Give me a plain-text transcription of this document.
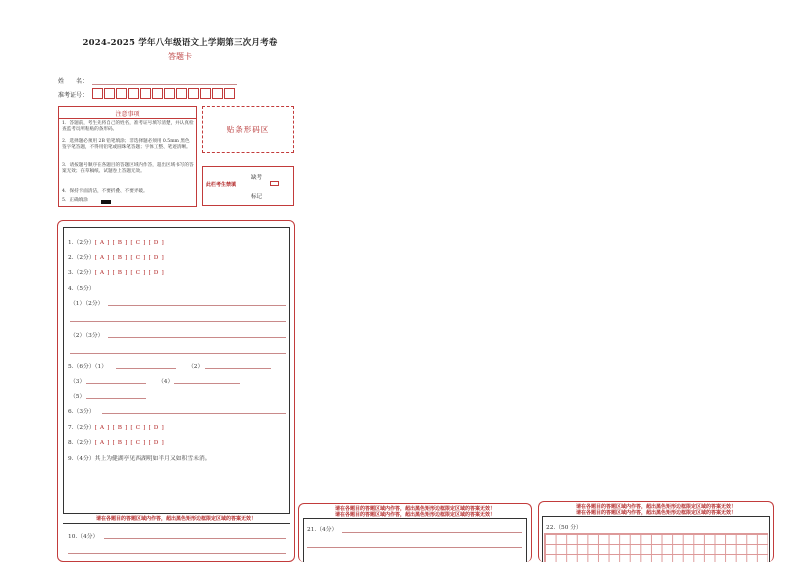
2024-2025 学年八年级语文上学期第三次月考卷
答题卡
姓　　名：
准考证号：
注意事项
1．答题前，考生先将自己的姓名，准考证号填写清楚，并认真检查监考员所粘贴的条形码。
2．选择题必须用 2B 铅笔填涂；非选择题必须用 0.5mm 黑色签字笔答题，不得用铅笔或圆珠笔答题；字体工整、笔迹清晰。
3．请按题号顺序在各题目的答题区域内作答，超出区域书写的答案无效；在草稿纸、试题卷上答题无效。
4．保持卡面清洁，不要折叠、不要弄破。
5．正确填涂
贴条形码区
此栏考生禁填
缺考
标记
1.（2分）[ A ] [ B ] [ C ] [ D ]
2.（2分）[ A ] [ B ] [ C ] [ D ]
3.（2分）[ A ] [ B ] [ C ] [ D ]
4.（5分）
（1）（2分）
（2）（3分）
5.（6分）（1）	（2）
（3）	（4）
（5）
6.（3分）
7.（2分）[ A ] [ B ] [ C ] [ D ]
8.（2分）[ A ] [ B ] [ C ] [ D ]
9.（4分）其上为健湖亭见西湖明如半月又如积雪未消。
请在各题目的答题区域内作答，超出黑色矩形边框限定区域的答案无效！
10.（4分）
请在各题目的答题区域内作答，超出黑色矩形边框限定区域的答案无效！
请在各题目的答题区域内作答，超出黑色矩形边框限定区域的答案无效！
21.（4分）
请在各题目的答题区域内作答，超出黑色矩形边框限定区域的答案无效！
请在各题目的答题区域内作答，超出黑色矩形边框限定区域的答案无效！
22.（50 分）
